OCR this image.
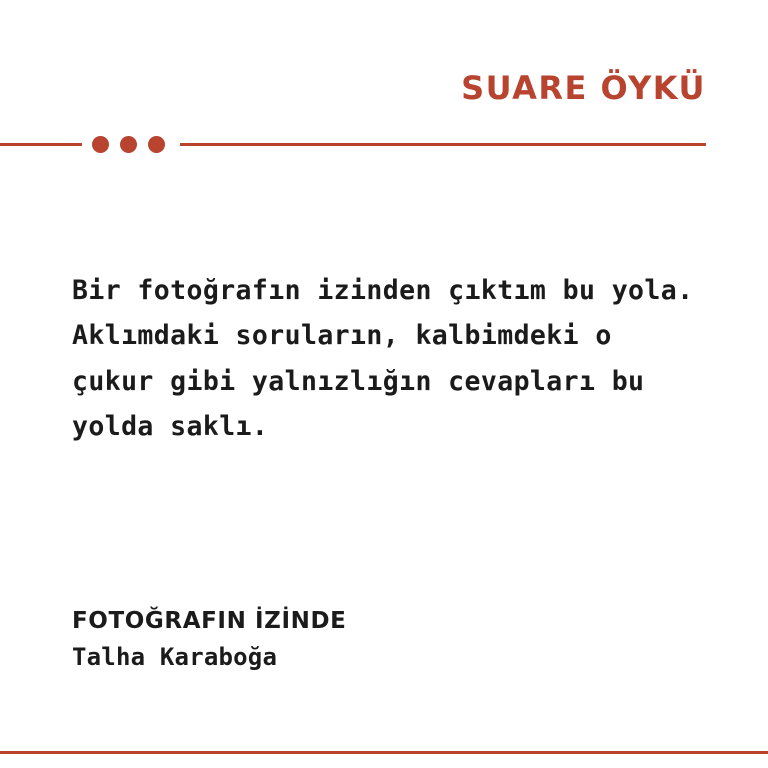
SUARE ÖYKÜ
Bir fotoğrafın izinden çıktım bu yola. Aklımdaki soruların, kalbimdeki o çukur gibi yalnızlığın cevapları bu yolda saklı.
FOTOĞRAFIN İZİNDE
Talha Karaboğa
